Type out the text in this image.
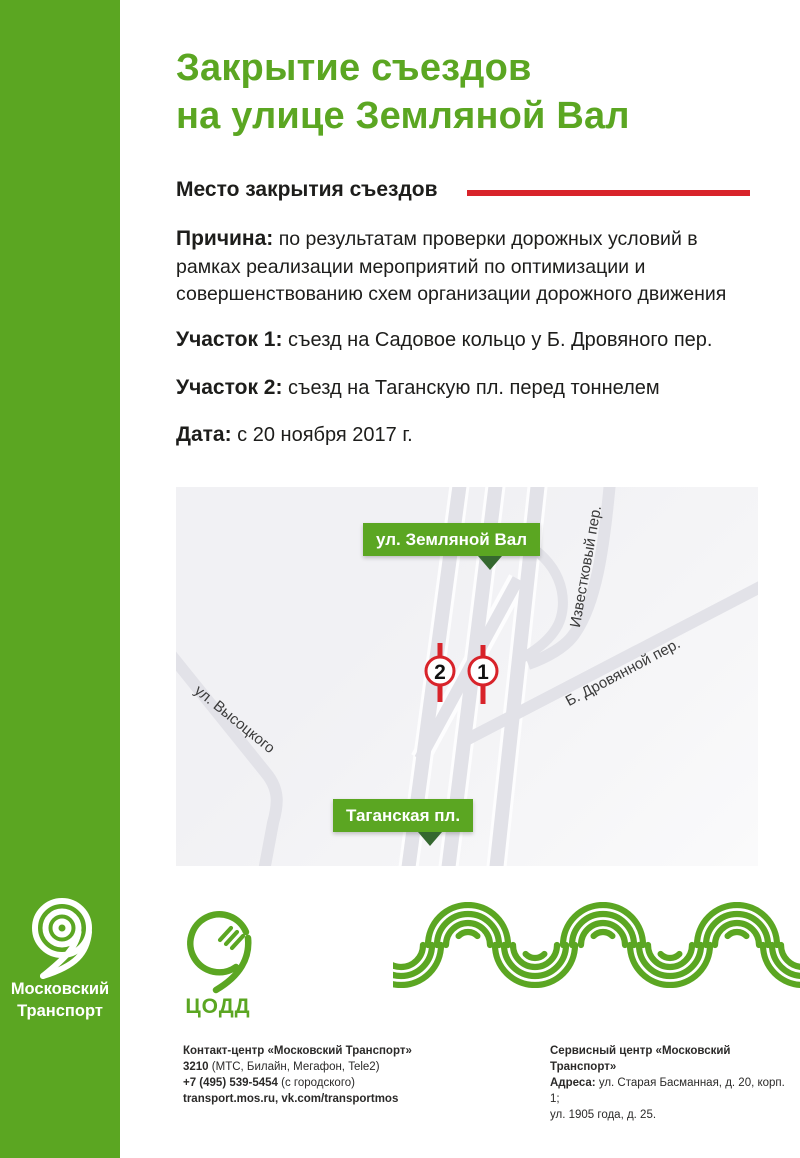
Московский
Транспорт
Закрытие съездов
на улице Земляной Вал
Место закрытия съездов

Причина: по результатам проверки дорожных условий в рамках реализации мероприятий по оптимизации и совершенствованию схем организации дорожного движения

Участок 1: съезд на Садовое кольцо у Б. Дровяного пер.
Участок 2: съезд на Таганскую пл. перед тоннелем
Дата: с 20 ноября 2017 г.
2 1
Известковый пер.
Б. Дровянной пер.
ул. Высоцкого
ул. Земляной Вал
Таганская пл.
ЦОДД
Контакт-центр «Московский Транспорт»
3210 (МТС, Билайн, Мегафон, Tele2)
+7 (495) 539-5454 (с городского)
transport.mos.ru, vk.com/transportmos
Сервисный центр «Московский Транспорт»
Адреса: ул. Старая Басманная, д. 20, корп. 1;
ул. 1905 года, д. 25.
